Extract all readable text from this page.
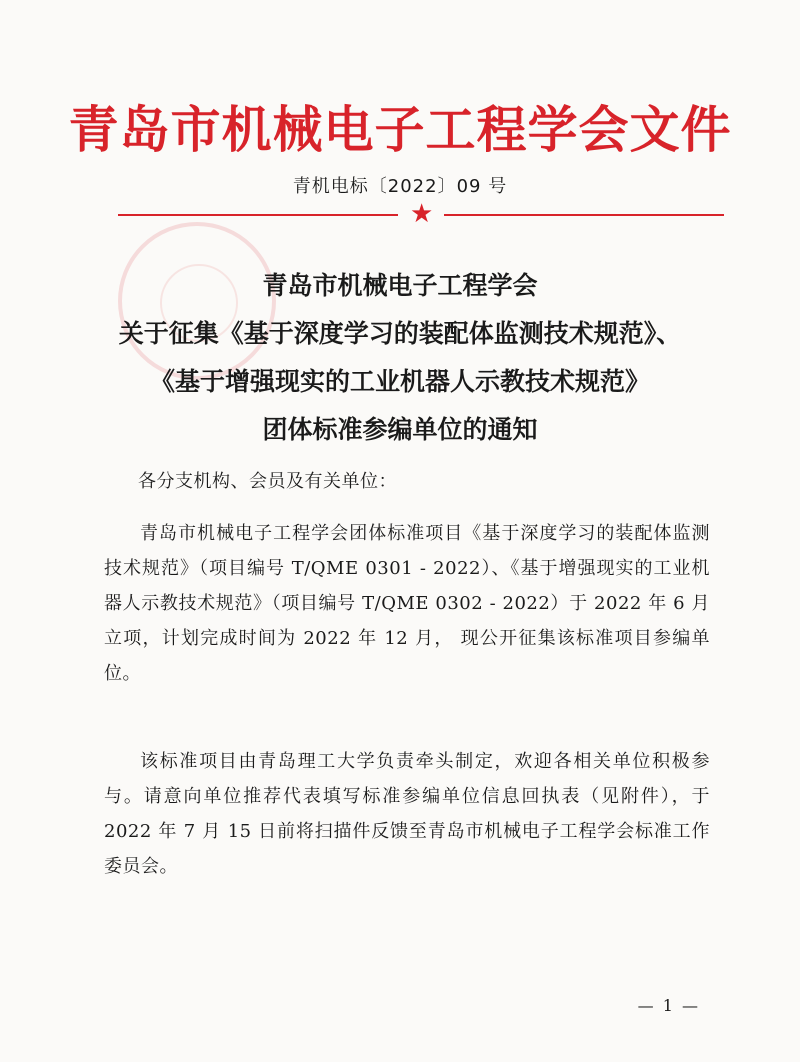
青岛市机械电子工程学会文件
青机电标〔2022〕09 号
★
青岛市机械电子工程学会
关于征集《基于深度学习的装配体监测技术规范》、
《基于增强现实的工业机器人示教技术规范》
团体标准参编单位的通知
各分支机构、会员及有关单位：
青岛市机械电子工程学会团体标准项目《基于深度学习的装配体监测技术规范》（项目编号 T/QME 0301 - 2022）、《基于增强现实的工业机器人示教技术规范》（项目编号 T/QME 0302 - 2022）于 2022 年 6 月立项，计划完成时间为 2022 年 12 月， 现公开征集该标准项目参编单位。
该标准项目由青岛理工大学负责牵头制定，欢迎各相关单位积极参与。请意向单位推荐代表填写标准参编单位信息回执表（见附件），于 2022 年 7 月 15 日前将扫描件反馈至青岛市机械电子工程学会标准工作委员会。
— 1 —
